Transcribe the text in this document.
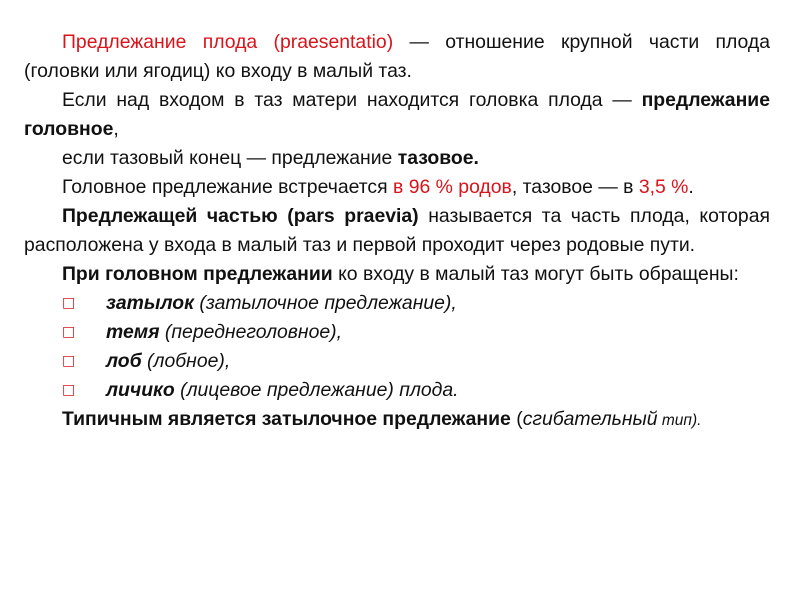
Предлежание плода (praesentatio) — отношение крупной части плода (головки или ягодиц) ко входу в малый таз.

Если над входом в таз матери находится головка плода — предлежание головное,

если тазовый конец — предлежание тазовое.

Головное предлежание встречается в 96 % родов, тазовое — в 3,5 %.

Предлежащей частью (pars praevia) называется та часть плода, которая расположена у входа в малый таз и первой проходит через родовые пути.

При головном предлежании ко входу в малый таз могут быть обращены:

□	затылок (затылочное предлежание),
□	темя (переднеголовное),
□	лоб (лобное),
□	личико (лицевое предлежание) плода.

Типичным является затылочное предлежание (сгибательный тип).
